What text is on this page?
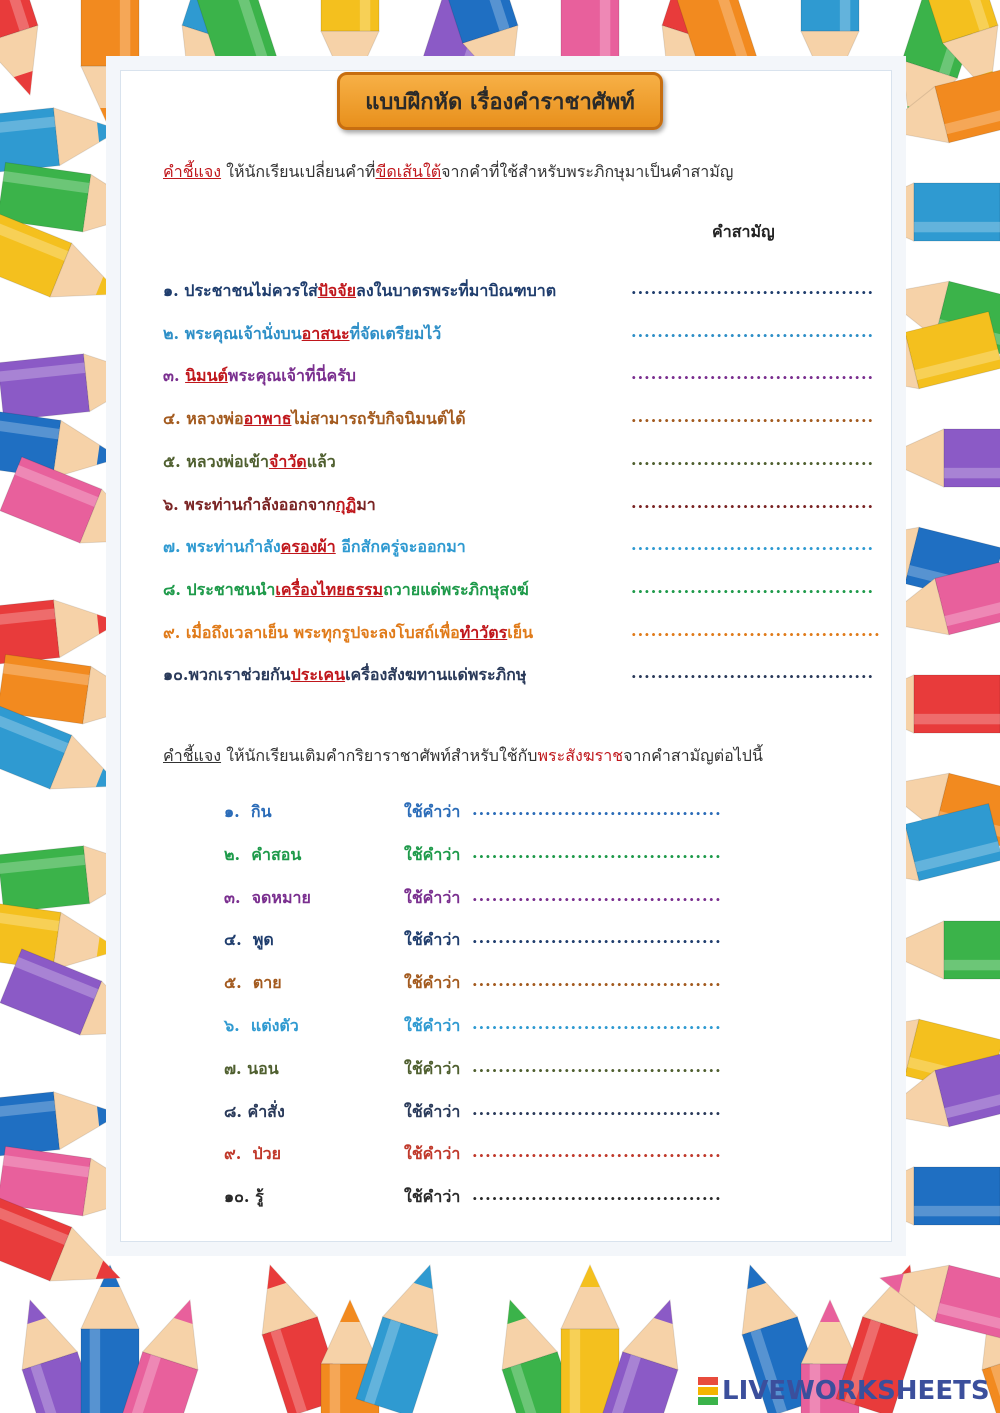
แบบฝึกหัด เรื่องคำราชาศัพท์
คำชี้แจง ให้นักเรียนเปลี่ยนคำที่ขีดเส้นใต้จากคำที่ใช้สำหรับพระภิกษุมาเป็นคำสามัญ
คำสามัญ
๑. ประชาชนไม่ควรใส่ปัจจัยลงในบาตรพระที่มาบิณฑบาต	.....................................
๒. พระคุณเจ้านั่งบนอาสนะที่จัดเตรียมไว้	.....................................
๓. นิมนต์พระคุณเจ้าที่นี่ครับ	.....................................
๔. หลวงพ่ออาพาธไม่สามารถรับกิจนิมนต์ได้	.....................................
๕. หลวงพ่อเข้าจำวัดแล้ว	.....................................
๖. พระท่านกำลังออกจากกุฏิมา	.....................................
๗. พระท่านกำลังครองผ้า อีกสักครู่จะออกมา	.....................................
๘. ประชาชนนำเครื่องไทยธรรมถวายแด่พระภิกษุสงฆ์	.....................................
๙. เมื่อถึงเวลาเย็น พระทุกรูปจะลงโบสถ์เพื่อทำวัตรเย็น	......................................
๑๐.พวกเราช่วยกันประเคนเครื่องสังฆทานแด่พระภิกษุ	.....................................
คำชี้แจง ให้นักเรียนเติมคำกริยาราชาศัพท์สำหรับใช้กับพระสังฆราชจากคำสามัญต่อไปนี้
๑.  กิน	ใช้คำว่า ......................................
๒.  คำสอน	ใช้คำว่า ......................................
๓.  จดหมาย	ใช้คำว่า ......................................
๔.  พูด	ใช้คำว่า ......................................
๕.  ตาย	ใช้คำว่า ......................................
๖.  แต่งตัว	ใช้คำว่า ......................................
๗. นอน	ใช้คำว่า ......................................
๘. คำสั่ง	ใช้คำว่า ......................................
๙.  ป่วย	ใช้คำว่า ......................................
๑๐. รู้	ใช้คำว่า ......................................
LIVEWORKSHEETS
